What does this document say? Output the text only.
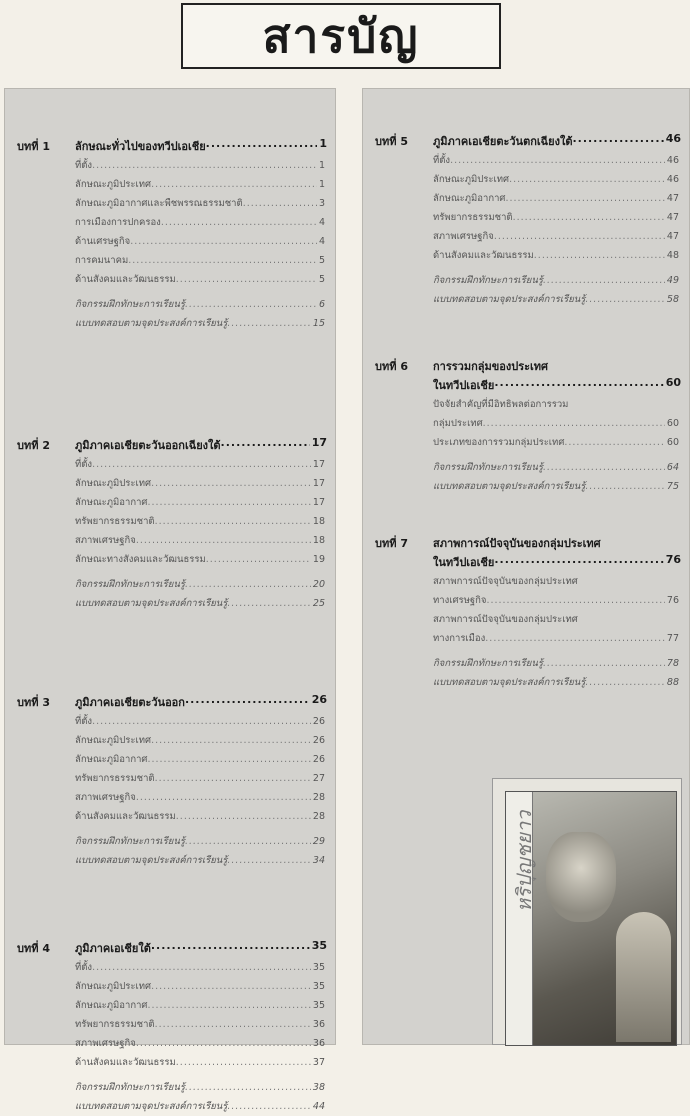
สารบัญ
บทที่ 1	ลักษณะทั่วไปของทวีปเอเชีย .....	1
ที่ตั้ง .....	1
ลักษณะภูมิประเทศ .....	1
ลักษณะภูมิอากาศและพืชพรรณธรรมชาติ .....	3
การเมืองการปกครอง .....	4
ด้านเศรษฐกิจ .....	4
การคมนาคม .....	5
ด้านสังคมและวัฒนธรรม .....	5
กิจกรรมฝึกทักษะการเรียนรู้ .....	6
แบบทดสอบตามจุดประสงค์การเรียนรู้ .....	15
บทที่ 2	ภูมิภาคเอเชียตะวันออกเฉียงใต้ .....	17
ที่ตั้ง .....	17
ลักษณะภูมิประเทศ .....	17
ลักษณะภูมิอากาศ .....	17
ทรัพยากรธรรมชาติ .....	18
สภาพเศรษฐกิจ .....	18
ลักษณะทางสังคมและวัฒนธรรม .....	19
กิจกรรมฝึกทักษะการเรียนรู้ .....	20
แบบทดสอบตามจุดประสงค์การเรียนรู้ .....	25
บทที่ 3	ภูมิภาคเอเชียตะวันออก .....	26
ที่ตั้ง .....	26
ลักษณะภูมิประเทศ .....	26
ลักษณะภูมิอากาศ .....	26
ทรัพยากรธรรมชาติ .....	27
สภาพเศรษฐกิจ .....	28
ด้านสังคมและวัฒนธรรม .....	28
กิจกรรมฝึกทักษะการเรียนรู้ .....	29
แบบทดสอบตามจุดประสงค์การเรียนรู้ .....	34
บทที่ 4	ภูมิภาคเอเชียใต้ .....	35
ที่ตั้ง .....	35
ลักษณะภูมิประเทศ .....	35
ลักษณะภูมิอากาศ .....	35
ทรัพยากรธรรมชาติ .....	36
สภาพเศรษฐกิจ .....	36
ด้านสังคมและวัฒนธรรม .....	37
กิจกรรมฝึกทักษะการเรียนรู้ .....	38
แบบทดสอบตามจุดประสงค์การเรียนรู้ .....	44
บทที่ 5	ภูมิภาคเอเชียตะวันตกเฉียงใต้ .....	46
ที่ตั้ง .....	46
ลักษณะภูมิประเทศ .....	46
ลักษณะภูมิอากาศ .....	47
ทรัพยากรธรรมชาติ .....	47
สภาพเศรษฐกิจ .....	47
ด้านสังคมและวัฒนธรรม .....	48
กิจกรรมฝึกทักษะการเรียนรู้ .....	49
แบบทดสอบตามจุดประสงค์การเรียนรู้ .....	58
บทที่ 6	การรวมกลุ่มของประเทศ
ในทวีปเอเชีย .....	60
ปัจจัยสำคัญที่มีอิทธิพลต่อการรวม
กลุ่มประเทศ .....	60
ประเภทของการรวมกลุ่มประเทศ .....	60
กิจกรรมฝึกทักษะการเรียนรู้ .....	64
แบบทดสอบตามจุดประสงค์การเรียนรู้ .....	75
บทที่ 7	สภาพการณ์ปัจจุบันของกลุ่มประเทศ
ในทวีปเอเชีย .....	76
สภาพการณ์ปัจจุบันของกลุ่มประเทศ
ทางเศรษฐกิจ .....	76
สภาพการณ์ปัจจุบันของกลุ่มประเทศ
ทางการเมือง .....	77
กิจกรรมฝึกทักษะการเรียนรู้ .....	78
แบบทดสอบตามจุดประสงค์การเรียนรู้ .....	88
หริปุญชยาว
